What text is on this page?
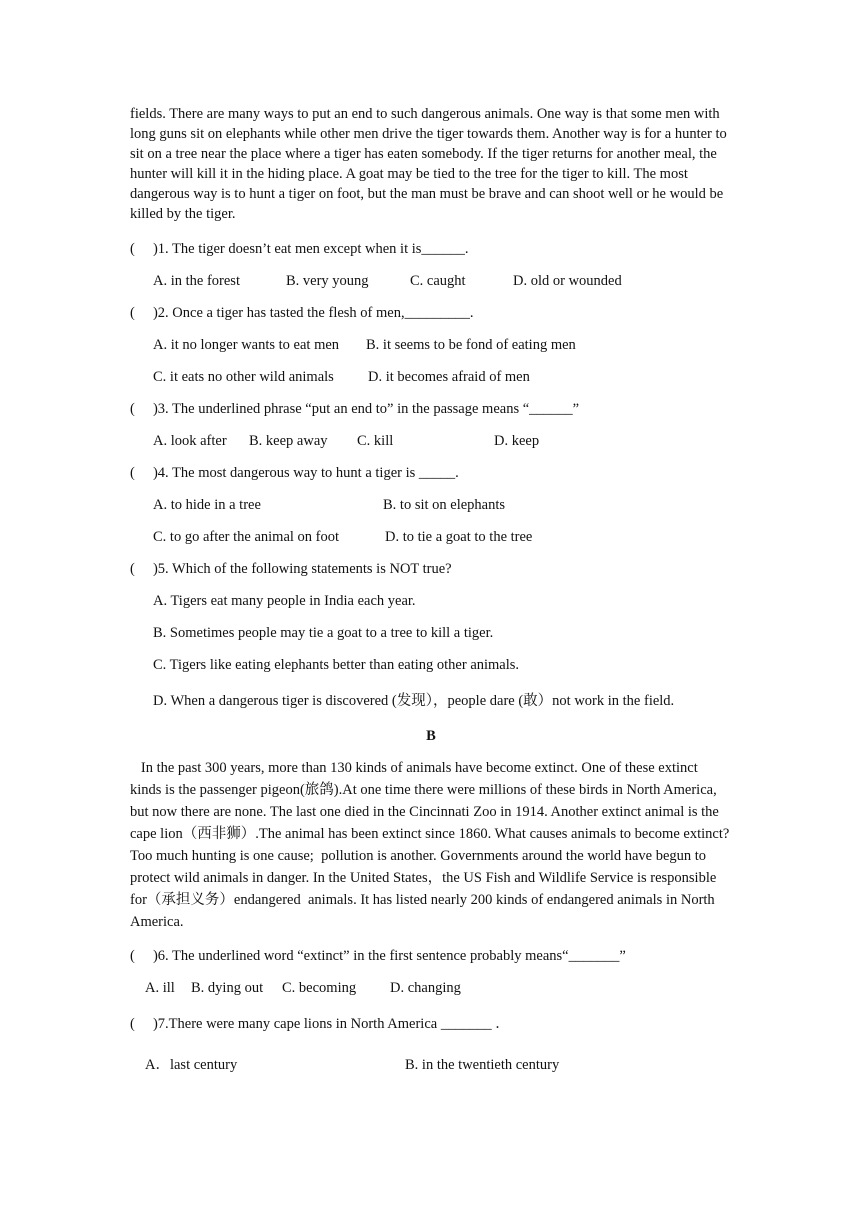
fields. There are many ways to put an end to such dangerous animals. One way is that some men with long guns sit on elephants while other men drive the tiger towards them. Another way is for a hunter to sit on a tree near the place where a tiger has eaten somebody. If the tiger returns for another meal, the hunter will kill it in the hiding place. A goat may be tied to the tree for the tiger to kill. The most dangerous way is to hunt a tiger on foot, but the man must be brave and can shoot well or he would be killed by the tiger.

(     )1. The tiger doesn’t eat men except when it is______.

A. in the forest

	B. very young

	C. caught

	D. old or wounded

(     )2. Once a tiger has tasted the flesh of men,_________.

A. it no longer wants to eat men

B. it seems to be fond of eating men

C. it eats no other wild animals

D. it becomes afraid of men

(     )3. The underlined phrase “put an end to” in the passage means “______”

A. look after

B. keep away

C. kill

	D. keep

(     )4. The most dangerous way to hunt a tiger is _____.

A. to hide in a tree

	B. to sit on elephants

C. to go after the animal on foot

	D. to tie a goat to the tree

(     )5. Which of the following statements is NOT true?

A. Tigers eat many people in India each year.

B. Sometimes people may tie a goat to a tree to kill a tiger.

C. Tigers like eating elephants better than eating other animals.

D. When a dangerous tiger is discovered (发现），people dare (敢）not work in the field.

B

In the past 300 years, more than 130 kinds of animals have become extinct. One of these extinct kinds is the passenger pigeon(旅鸽).At one time there were millions of these birds in North America, but now there are none. The last one died in the Cincinnati Zoo in 1914. Another extinct animal is the cape lion（西非狮）.The animal has been extinct since 1860. What causes animals to become extinct? Too much hunting is one cause;  pollution is another. Governments around the world have begun to protect wild animals in danger. In the United States，the US Fish and Wildlife Service is responsible for（承担义务）endangered  animals. It has listed nearly 200 kinds of endangered animals in North America.

(     )6. The underlined word “extinct” in the first sentence probably means“_______”

A. ill

B. dying out

C. becoming

D. changing

(     )7.There were many cape lions in North America _______ ．

A．last century

	B. in the twentieth century
